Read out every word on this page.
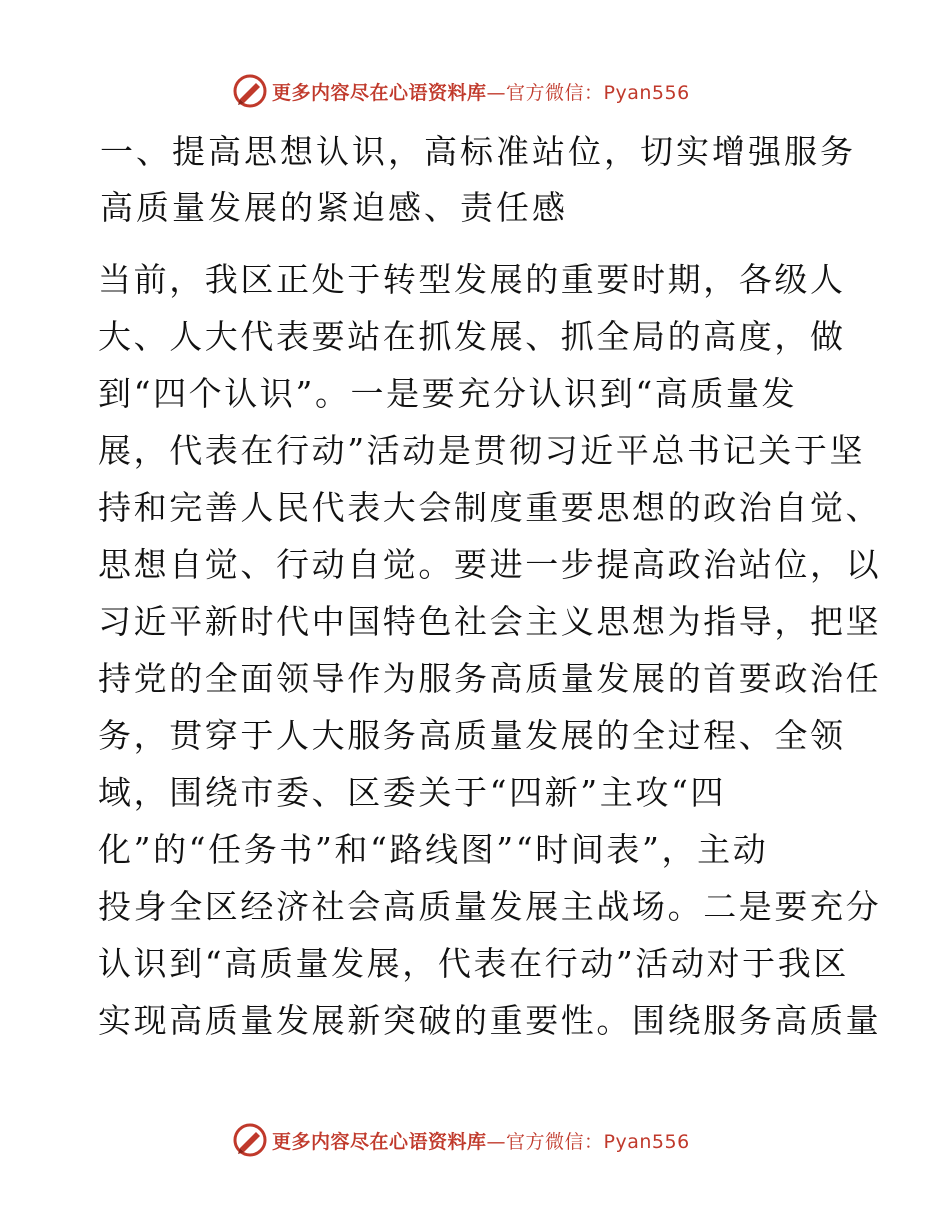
更多内容尽在心语资料库—官方微信：Pyan556
一、提高思想认识，高标准站位，切实增强服务
高质量发展的紧迫感、责任感
当前，我区正处于转型发展的重要时期，各级人
大、人大代表要站在抓发展、抓全局的高度，做
到“四个认识”。一是要充分认识到“高质量发
展，代表在行动”活动是贯彻习近平总书记关于坚
持和完善人民代表大会制度重要思想的政治自觉、
思想自觉、行动自觉。要进一步提高政治站位，以
习近平新时代中国特色社会主义思想为指导，把坚
持党的全面领导作为服务高质量发展的首要政治任
务，贯穿于人大服务高质量发展的全过程、全领
域，围绕市委、区委关于“四新”主攻“四
化”的“任务书”和“路线图”“时间表”，主动
投身全区经济社会高质量发展主战场。二是要充分
认识到“高质量发展，代表在行动”活动对于我区
实现高质量发展新突破的重要性。围绕服务高质量
更多内容尽在心语资料库—官方微信：Pyan556
